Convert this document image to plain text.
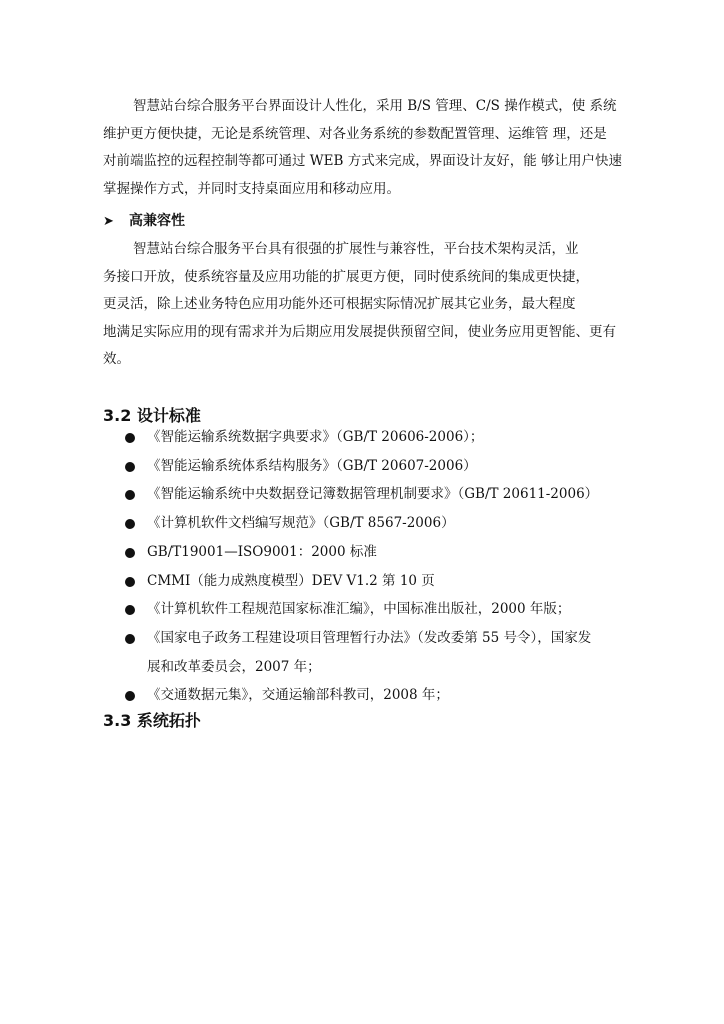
智慧站台综合服务平台界面设计人性化，采用 B/S 管理、C/S 操作模式，使 系统
维护更方便快捷，无论是系统管理、对各业务系统的参数配置管理、运维管 理，还是
对前端监控的远程控制等都可通过 WEB 方式来完成，界面设计友好，能 够让用户快速
掌握操作方式，并同时支持桌面应用和移动应用。
➤ 高兼容性
智慧站台综合服务平台具有很强的扩展性与兼容性，平台技术架构灵活，业
务接口开放，使系统容量及应用功能的扩展更方便，同时使系统间的集成更快捷，
更灵活，除上述业务特色应用功能外还可根据实际情况扩展其它业务，最大程度
地满足实际应用的现有需求并为后期应用发展提供预留空间，使业务应用更智能、更有
效。
3.2 设计标准
《智能运输系统数据字典要求》（GB/T 20606-2006）；
《智能运输系统体系结构服务》（GB/T 20607-2006）
《智能运输系统中央数据登记簿数据管理机制要求》（GB/T 20611-2006）
《计算机软件文档编写规范》（GB/T 8567-2006）
GB/T19001—ISO9001：2000 标准
CMMI（能力成熟度模型）DEV V1.2 第 10 页
《计算机软件工程规范国家标准汇编》，中国标准出版社，2000 年版；
《国家电子政务工程建设项目管理暂行办法》（发改委第 55 号令），国家发
展和改革委员会，2007 年；
《交通数据元集》，交通运输部科教司，2008 年；
3.3 系统拓扑
